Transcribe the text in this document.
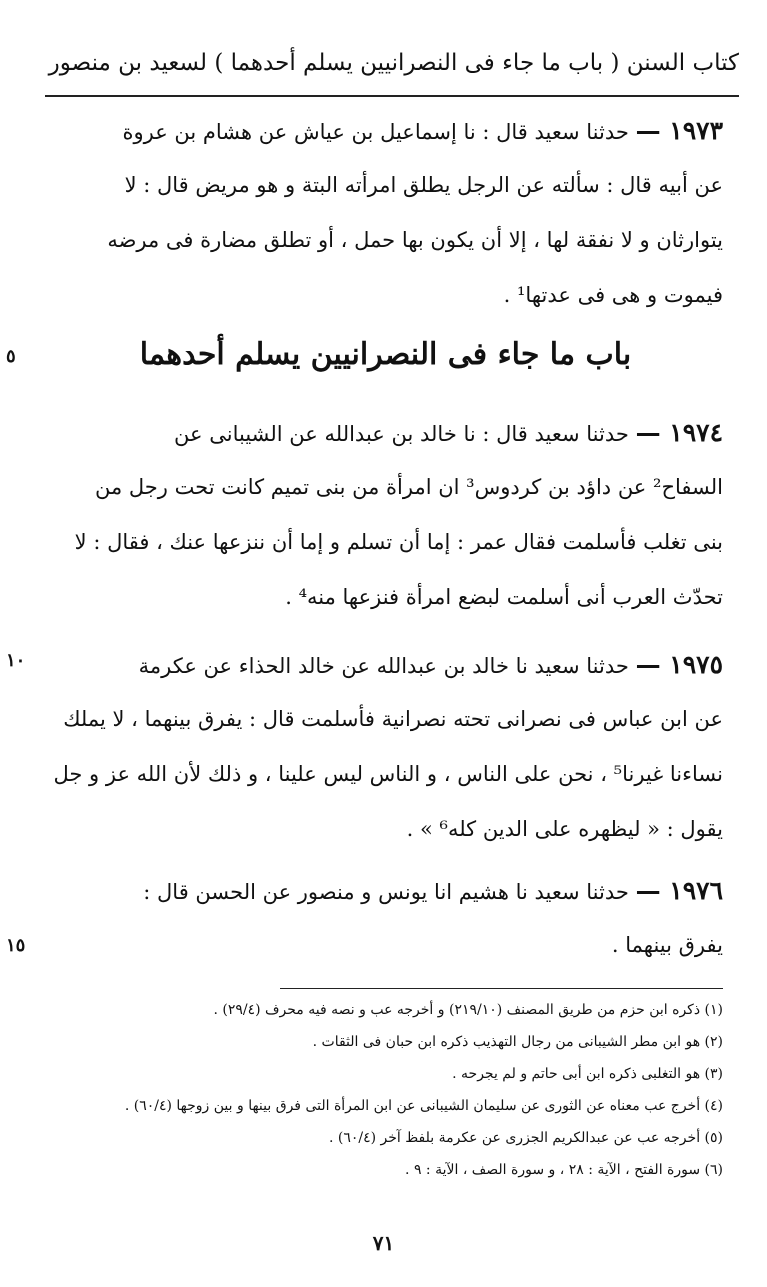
كتاب السنن ( باب ما جاء فى النصرانيين يسلم أحدهما ) لسعيد بن منصور
١٩٧٣ — حدثنا سعيد قال : نا إسماعيل بن عياش عن هشام بن عروة
عن أبيه قال : سألته عن الرجل يطلق امرأته البتة و هو مريض قال : لا
يتوارثان و لا نفقة لها ، إلا أن يكون بها حمل ، أو تطلق مضارة فى مرضه
فيموت و هى فى عدتها¹ .
١٩٧٤ — حدثنا سعيد قال : نا خالد بن عبدالله عن الشيبانى عن
السفاح² عن داؤد بن كردوس³ ان امرأة من بنى تميم كانت تحت رجل من
بنى تغلب فأسلمت فقال عمر : إما أن تسلم و إما أن ننزعها عنك ، فقال : لا
تحدّث العرب أنى أسلمت لبضع امرأة فنزعها منه⁴ .
١٩٧٥ — حدثنا سعيد نا خالد بن عبدالله عن خالد الحذاء عن عكرمة
عن ابن عباس فى نصرانى تحته نصرانية فأسلمت قال : يفرق بينهما ، لا يملك
نساءنا غيرنا⁵ ، نحن على الناس ، و الناس ليس علينا ، و ذلك لأن الله عز و جل
يقول : « ليظهره على الدين كله⁶ » .
١٩٧٦ — حدثنا سعيد نا هشيم انا يونس و منصور عن الحسن قال :
يفرق بينهما .
باب ما جاء فى النصرانيين يسلم أحدهما
٥
١٠
١٥
(١) ذكره ابن حزم من طريق المصنف (٢١٩/١٠) و أخرجه عب و نصه فيه محرف (٢٩/٤) .
(٢) هو ابن مطر الشيبانى من رجال التهذيب ذكره ابن حبان فى الثقات .
(٣) هو التغلبى ذكره ابن أبى حاتم و لم يجرحه .
(٤) أخرج عب معناه عن الثورى عن سليمان الشيبانى عن ابن المرأة التى فرق بينها و بين زوجها (٦٠/٤) .
(٥) أخرجه عب عن عبدالكريم الجزرى عن عكرمة بلفظ آخر (٦٠/٤) .
(٦) سورة الفتح ، الآية : ٢٨ ، و سورة الصف ، الآية : ٩ .
٧١
